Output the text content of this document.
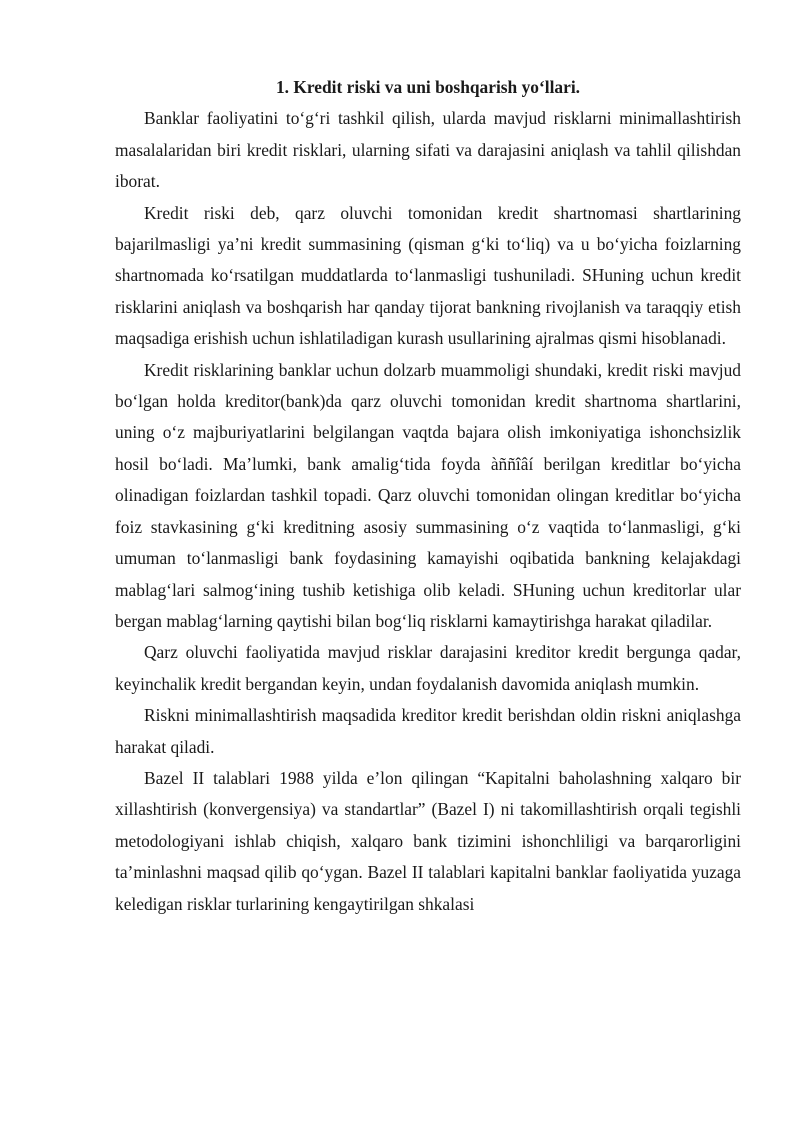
1. Kredit riski va uni boshqarish yo‘llari.

Banklar faoliyatini to‘g‘ri tashkil qilish, ularda mavjud risklarni minimallashtirish masalalaridan biri kredit risklari, ularning sifati va darajasini aniqlash va tahlil qilishdan iborat.

Kredit riski deb, qarz oluvchi tomonidan kredit shartnomasi shartlarining bajarilmasligi ya’ni kredit summasining (qisman g‘ki to‘liq) va u bo‘yicha foizlarning shartnomada ko‘rsatilgan muddatlarda to‘lanmasligi tushuniladi. SHuning uchun kredit risklarini aniqlash va boshqarish har qanday tijorat bankning rivojlanish va taraqqiy etish maqsadiga erishish uchun ishlatiladigan kurash usullarining ajralmas qismi hisoblanadi.

Kredit risklarining banklar uchun dolzarb muammoligi shundaki, kredit riski mavjud bo‘lgan holda kreditor(bank)da qarz oluvchi tomonidan kredit shartnoma shartlarini, uning o‘z majburiyatlarini belgilangan vaqtda bajara olish imkoniyatiga ishonchsizlik hosil bo‘ladi. Ma’lumki, bank amalig‘tida foyda àññîâí berilgan kreditlar bo‘yicha olinadigan foizlardan tashkil topadi. Qarz oluvchi tomonidan olingan kreditlar bo‘yicha foiz stavkasining g‘ki kreditning asosiy summasining o‘z vaqtida to‘lanmasligi, g‘ki umuman to‘lanmasligi bank foydasining kamayishi oqibatida bankning kelajakdagi mablag‘lari salmog‘ining tushib ketishiga olib keladi. SHuning uchun kreditorlar ular bergan mablag‘larning qaytishi bilan bog‘liq risklarni kamaytirishga harakat qiladilar.

Qarz oluvchi faoliyatida mavjud risklar darajasini kreditor kredit bergunga qadar, keyinchalik kredit bergandan keyin, undan foydalanish davomida aniqlash mumkin.

Riskni minimallashtirish maqsadida kreditor kredit berishdan oldin riskni aniqlashga harakat qiladi.

Bazel II talablari 1988 yilda e’lon qilingan “Kapitalni baholashning xalqaro bir xillashtirish (konvergensiya) va standartlar” (Bazel I) ni takomillashtirish orqali tegishli metodologiyani ishlab chiqish, xalqaro bank tizimini ishonchliligi va barqarorligini ta’minlashni maqsad qilib qo‘ygan. Bazel II talablari kapitalni banklar faoliyatida yuzaga keledigan risklar turlarining kengaytirilgan shkalasi
